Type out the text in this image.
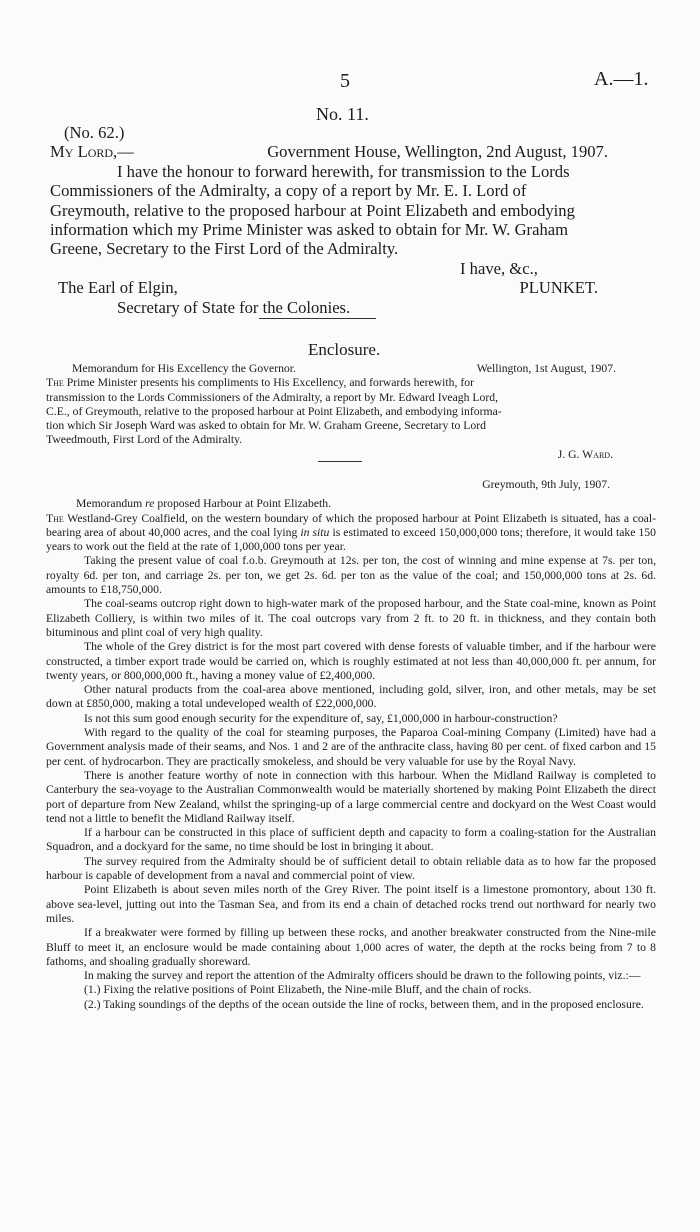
5	A.—1.
No. 11.
(No. 62.)
My Lord,—	Government House, Wellington, 2nd August, 1907.
I have the honour to forward herewith, for transmission to the Lords
Commissioners of the Admiralty, a copy of a report by Mr. E. I. Lord of
Greymouth, relative to the proposed harbour at Point Elizabeth and embodying
information which my Prime Minister was asked to obtain for Mr. W. Graham
Greene, Secretary to the First Lord of the Admiralty.
I have, &c.,
The Earl of Elgin,	PLUNKET.
Secretary of State for the Colonies.
Enclosure.
Memorandum for His Excellency the Governor.	Wellington, 1st August, 1907.
The Prime Minister presents his compliments to His Excellency, and forwards herewith, for
transmission to the Lords Commissioners of the Admiralty, a report by Mr. Edward Iveagh Lord,
C.E., of Greymouth, relative to the proposed harbour at Point Elizabeth, and embodying informa-
tion which Sir Joseph Ward was asked to obtain for Mr. W. Graham Greene, Secretary to Lord
Tweedmouth, First Lord of the Admiralty.
J. G. Ward.
Greymouth, 9th July, 1907.
Memorandum re proposed Harbour at Point Elizabeth.

The Westland-Grey Coalfield, on the western boundary of which the proposed harbour at Point Elizabeth is situated, has a coal-bearing area of about 40,000 acres, and the coal lying in situ is estimated to exceed 150,000,000 tons; therefore, it would take 150 years to work out the field at the rate of 1,000,000 tons per year.

Taking the present value of coal f.o.b. Greymouth at 12s. per ton, the cost of winning and mine expense at 7s. per ton, royalty 6d. per ton, and carriage 2s. per ton, we get 2s. 6d. per ton as the value of the coal; and 150,000,000 tons at 2s. 6d. amounts to £18,750,000.

The coal-seams outcrop right down to high-water mark of the proposed harbour, and the State coal-mine, known as Point Elizabeth Colliery, is within two miles of it. The coal outcrops vary from 2 ft. to 20 ft. in thickness, and they contain both bituminous and plint coal of very high quality.

The whole of the Grey district is for the most part covered with dense forests of valuable timber, and if the harbour were constructed, a timber export trade would be carried on, which is roughly estimated at not less than 40,000,000 ft. per annum, for twenty years, or 800,000,000 ft., having a money value of £2,400,000.

Other natural products from the coal-area above mentioned, including gold, silver, iron, and other metals, may be set down at £850,000, making a total undeveloped wealth of £22,000,000.

Is not this sum good enough security for the expenditure of, say, £1,000,000 in harbour-construction?

With regard to the quality of the coal for steaming purposes, the Paparoa Coal-mining Company (Limited) have had a Government analysis made of their seams, and Nos. 1 and 2 are of the anthracite class, having 80 per cent. of fixed carbon and 15 per cent. of hydrocarbon. They are practically smokeless, and should be very valuable for use by the Royal Navy.

There is another feature worthy of note in connection with this harbour. When the Midland Railway is completed to Canterbury the sea-voyage to the Australian Commonwealth would be materially shortened by making Point Elizabeth the direct port of departure from New Zealand, whilst the springing-up of a large commercial centre and dockyard on the West Coast would tend not a little to benefit the Midland Railway itself.

If a harbour can be constructed in this place of sufficient depth and capacity to form a coaling-station for the Australian Squadron, and a dockyard for the same, no time should be lost in bringing it about.

The survey required from the Admiralty should be of sufficient detail to obtain reliable data as to how far the proposed harbour is capable of development from a naval and commercial point of view.

Point Elizabeth is about seven miles north of the Grey River. The point itself is a limestone promontory, about 130 ft. above sea-level, jutting out into the Tasman Sea, and from its end a chain of detached rocks trend out northward for nearly two miles.

If a breakwater were formed by filling up between these rocks, and another breakwater constructed from the Nine-mile Bluff to meet it, an enclosure would be made containing about 1,000 acres of water, the depth at the rocks being from 7 to 8 fathoms, and shoaling gradually shoreward.

In making the survey and report the attention of the Admiralty officers should be drawn to the following points, viz.:—

(1.) Fixing the relative positions of Point Elizabeth, the Nine-mile Bluff, and the chain of rocks.

(2.) Taking soundings of the depths of the ocean outside the line of rocks, between them, and in the proposed enclosure.
